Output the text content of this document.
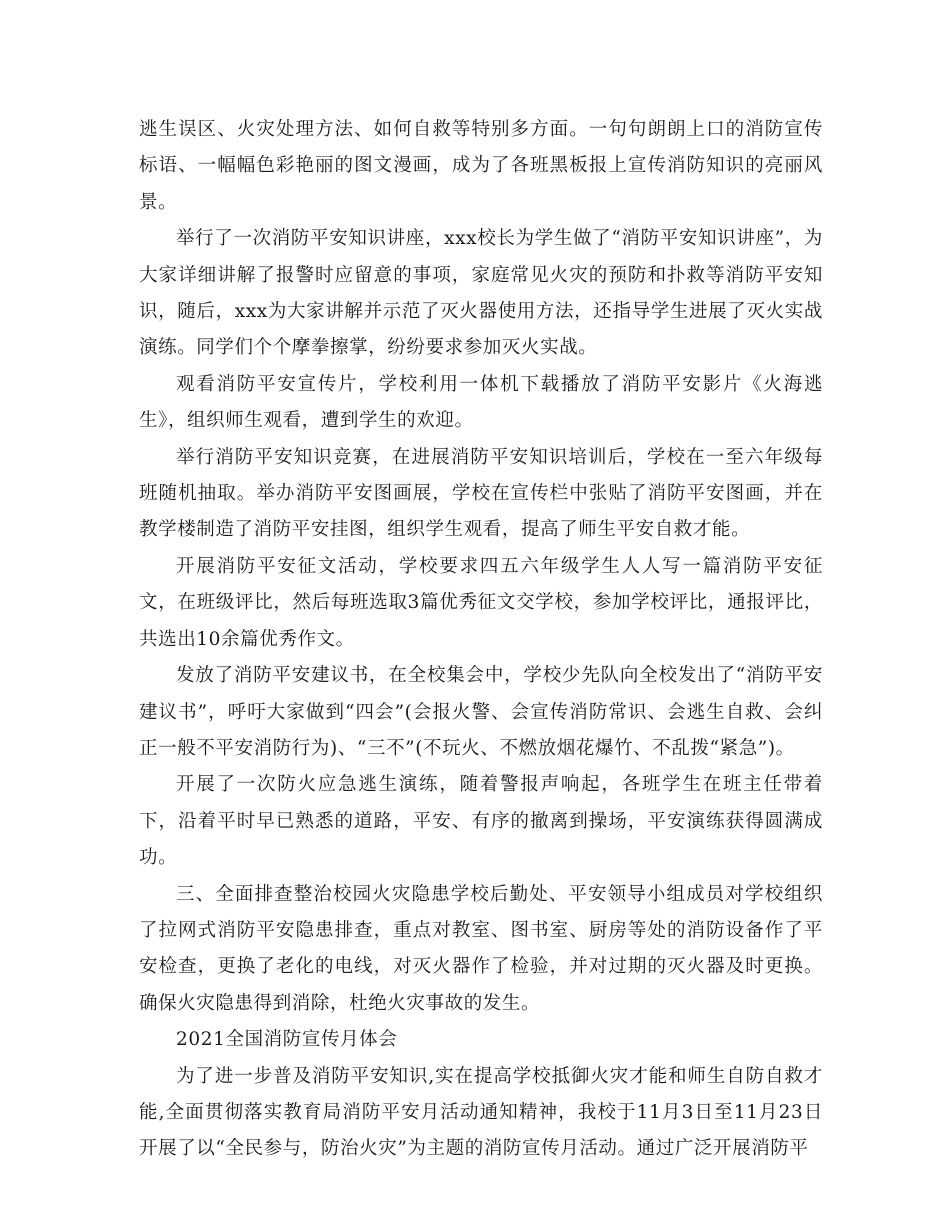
逃生误区、火灾处理方法、如何自救等特别多方面。一句句朗朗上口的消防宣传标语、一幅幅色彩艳丽的图文漫画，成为了各班黑板报上宣传消防知识的亮丽风景。

举行了一次消防平安知识讲座，xxx校长为学生做了“消防平安知识讲座”，为大家详细讲解了报警时应留意的事项，家庭常见火灾的预防和扑救等消防平安知识，随后，xxx为大家讲解并示范了灭火器使用方法，还指导学生进展了灭火实战演练。同学们个个摩拳擦掌，纷纷要求参加灭火实战。

观看消防平安宣传片，学校利用一体机下载播放了消防平安影片《火海逃生》，组织师生观看，遭到学生的欢迎。

举行消防平安知识竞赛，在进展消防平安知识培训后，学校在一至六年级每班随机抽取。举办消防平安图画展，学校在宣传栏中张贴了消防平安图画，并在教学楼制造了消防平安挂图，组织学生观看，提高了师生平安自救才能。

开展消防平安征文活动，学校要求四五六年级学生人人写一篇消防平安征文，在班级评比，然后每班选取3篇优秀征文交学校，参加学校评比，通报评比，共选出10余篇优秀作文。

发放了消防平安建议书，在全校集会中，学校少先队向全校发出了“消防平安建议书”，呼吁大家做到“四会”(会报火警、会宣传消防常识、会逃生自救、会纠正一般不平安消防行为)、“三不”(不玩火、不燃放烟花爆竹、不乱拨“紧急”)。

开展了一次防火应急逃生演练，随着警报声响起，各班学生在班主任带着下，沿着平时早已熟悉的道路，平安、有序的撤离到操场，平安演练获得圆满成功。

三、全面排查整治校园火灾隐患学校后勤处、平安领导小组成员对学校组织了拉网式消防平安隐患排查，重点对教室、图书室、厨房等处的消防设备作了平安检查，更换了老化的电线，对灭火器作了检验，并对过期的灭火器及时更换。确保火灾隐患得到消除，杜绝火灾事故的发生。

2021全国消防宣传月体会

为了进一步普及消防平安知识,实在提高学校抵御火灾才能和师生自防自救才能,全面贯彻落实教育局消防平安月活动通知精神，我校于11月3日至11月23日开展了以“全民参与，防治火灾”为主题的消防宣传月活动。通过广泛开展消防平
